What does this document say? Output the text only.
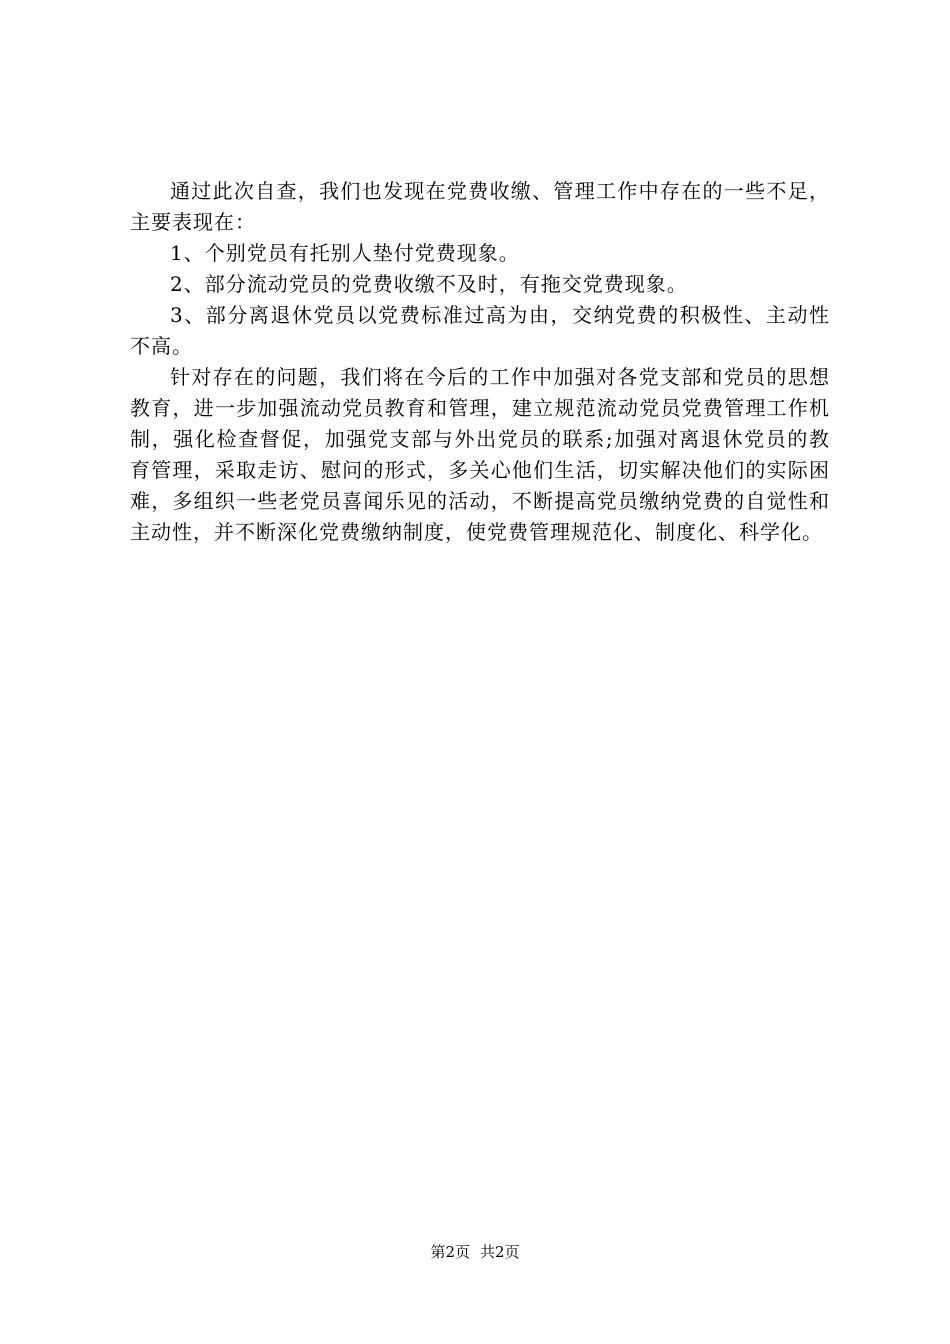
通过此次自查，我们也发现在党费收缴、管理工作中存在的一些不足，主要表现在：

1、个别党员有托别人垫付党费现象。

2、部分流动党员的党费收缴不及时，有拖交党费现象。

3、部分离退休党员以党费标准过高为由，交纳党费的积极性、主动性不高。

针对存在的问题，我们将在今后的工作中加强对各党支部和党员的思想教育，进一步加强流动党员教育和管理，建立规范流动党员党费管理工作机制，强化检查督促，加强党支部与外出党员的联系;加强对离退休党员的教育管理，采取走访、慰问的形式，多关心他们生活，切实解决他们的实际困难，多组织一些老党员喜闻乐见的活动，不断提高党员缴纳党费的自觉性和主动性，并不断深化党费缴纳制度，使党费管理规范化、制度化、科学化。

第2页 共2页
